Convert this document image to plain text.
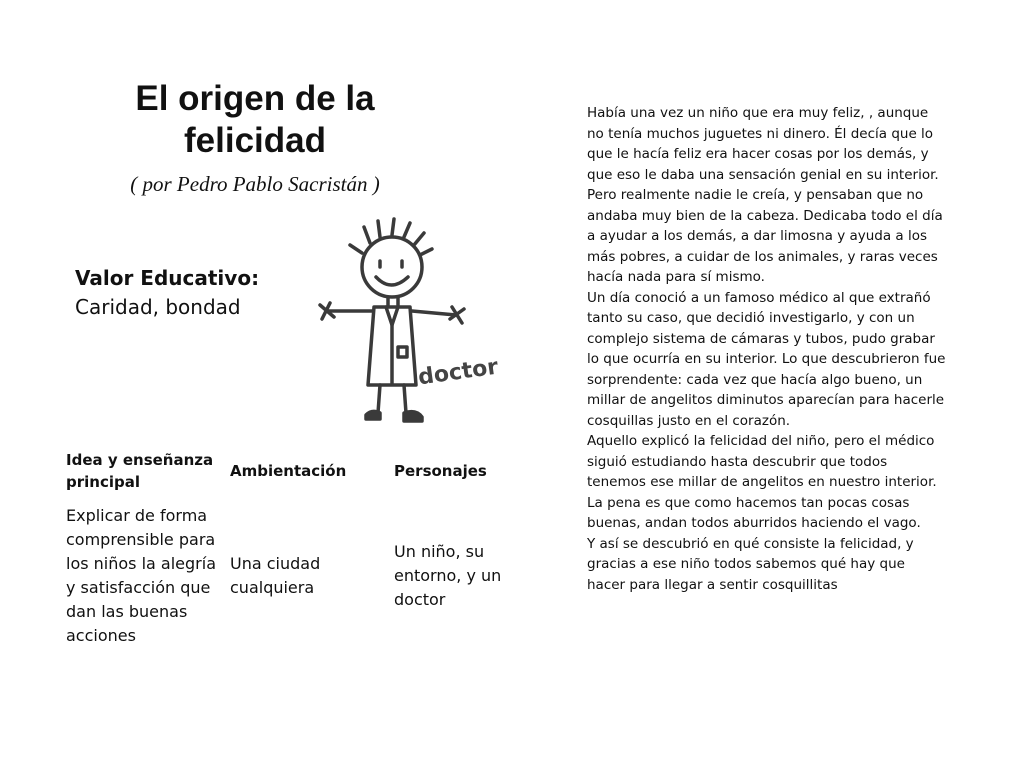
El origen de la felicidad
( por Pedro Pablo Sacristán )
Valor Educativo:
Caridad, bondad
doctor
Idea y enseñanza principal	Ambientación	Personajes
Explicar de forma comprensible para los niños la alegría y satisfacción que dan las buenas acciones	Una ciudad cualquiera	Un niño, su entorno, y un doctor

Había una vez un niño que era muy feliz, , aunque no tenía muchos juguetes ni dinero. Él decía que lo que le hacía feliz era hacer cosas por los demás, y que eso le daba una sensación genial en su interior. Pero realmente nadie le creía, y pensaban que no andaba muy bien de la cabeza. Dedicaba todo el día a ayudar a los demás, a dar limosna y ayuda a los más pobres, a cuidar de los animales, y raras veces hacía nada para sí mismo.

Un día conoció a un famoso médico al que extrañó tanto su caso, que decidió investigarlo, y con un complejo sistema de cámaras y tubos, pudo grabar lo que ocurría en su interior. Lo que descubrieron fue sorprendente: cada vez que hacía algo bueno, un millar de angelitos diminutos aparecían para hacerle cosquillas justo en el corazón.

Aquello explicó la felicidad del niño, pero el médico siguió estudiando hasta descubrir que todos tenemos ese millar de angelitos en nuestro interior. La pena es que como hacemos tan pocas cosas buenas, andan todos aburridos haciendo el vago.

Y así se descubrió en qué consiste la felicidad, y gracias a ese niño todos sabemos qué hay que hacer para llegar a sentir cosquillitas
